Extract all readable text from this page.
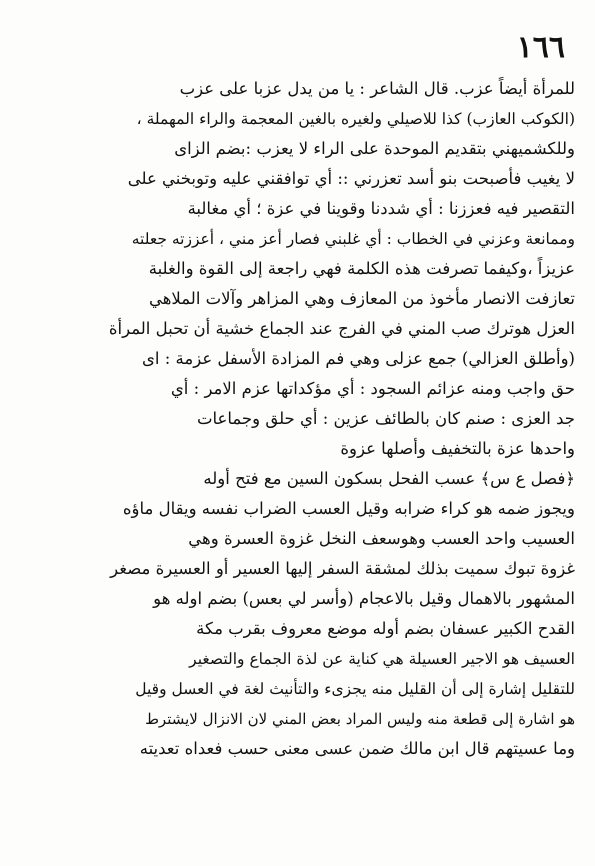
١٦٦
للمرأة أيضاً عزب. قال الشاعر : يا من يدل عزبا على عزب
(الكوكب العازب) كذا للاصيلي ولغيره بالغين المعجمة والراء المهملة ،
وللكشميهني بتقديم الموحدة على الراء لا يعزب :بضم الزاى
لا يغيب فأصبحت بنو أسد تعزرني :: أي توافقني عليه وتوبخني على
التقصير فيه فعززنا : أي شددنا وقوينا في عزة ؛ أي مغالبة
وممانعة وعزني في الخطاب : أي غلبني فصار أعز مني ، أعززته جعلته
عزيزاً ،وكيفما تصرفت هذه الكلمة فهي راجعة إلى القوة والغلبة
تعازفت الانصار مأخوذ من المعازف وهي المزاهر وآلات الملاهي
العزل هوترك صب المني في الفرج عند الجماع خشية أن تحبل المرأة
(وأطلق العزالي) جمع عزلى وهي فم المزادة الأسفل عزمة : اى
حق واجب ومنه عزائم السجود : أي مؤكداتها عزم الامر : أي
جد العزى : صنم كان بالطائف عزين : أي حلق وجماعات
واحدها عزة بالتخفيف وأصلها عزوة
﴿فصل ع س﴾ عسب الفحل بسكون السين مع فتح أوله
ويجوز ضمه هو كراء ضرابه وقيل العسب الضراب نفسه ويقال ماؤه
العسيب واحد العسب وهوسعف النخل غزوة العسرة وهي
غزوة تبوك سميت بذلك لمشقة السفر إليها العسير أو العسيرة مصغر
المشهور بالاهمال وقيل بالاعجام (وأسر لي بعس) بضم اوله هو
القدح الكبير عسفان بضم أوله موضع معروف بقرب مكة
العسيف هو الاجير العسيلة هي كناية عن لذة الجماع والتصغير
للتقليل إشارة إلى أن القليل منه يجزىء والتأنيث لغة في العسل وقيل
هو اشارة إلى قطعة منه وليس المراد بعض المني لان الانزال لايشترط
وما عسيتهم قال ابن مالك ضمن عسى معنى حسب فعداه تعديته
